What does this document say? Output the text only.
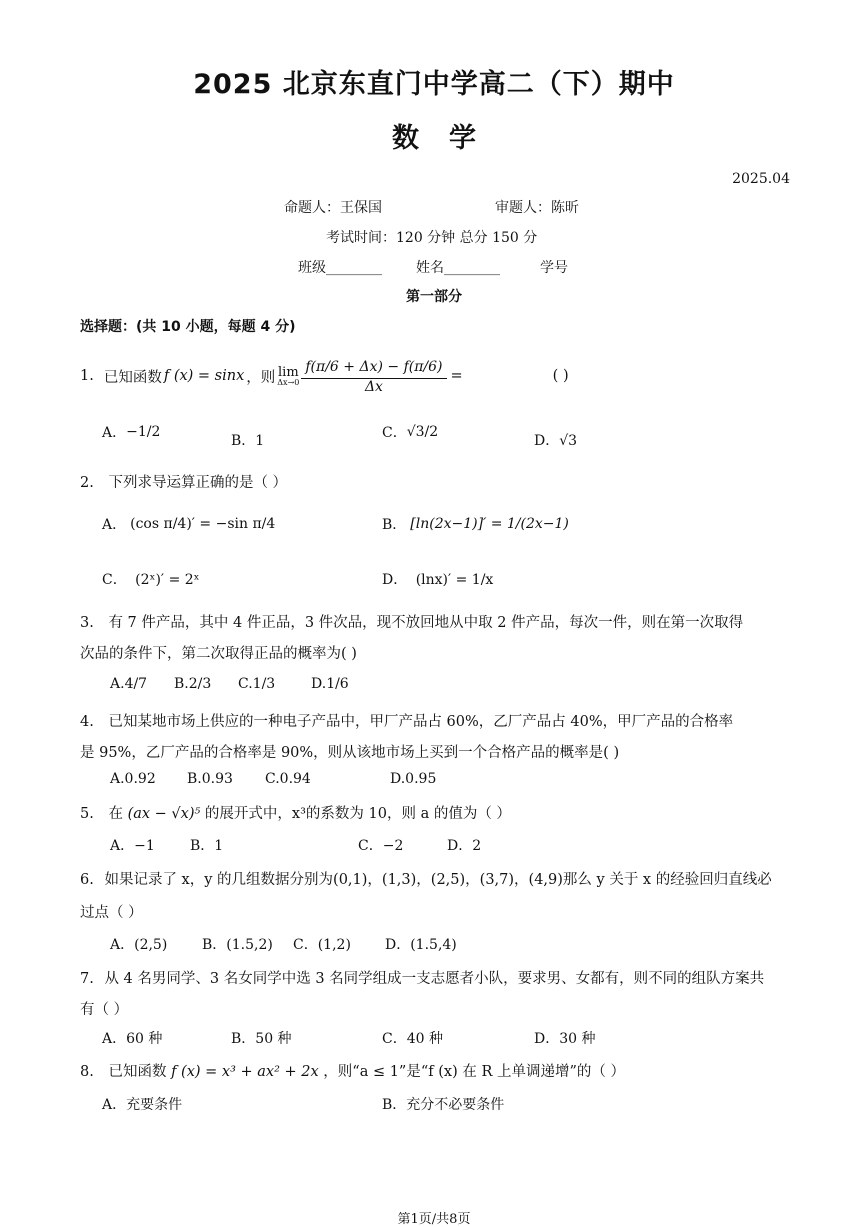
2025 北京东直门中学高二（下）期中
数学
2025.04
命题人：王保国	审题人：陈昕
考试时间：120 分钟 总分 150 分
班级________ 姓名________	学号
第一部分
选择题：(共 10 小题，每题 4 分)
1. 已知函数 f (x) = sinx ，则 lim
$\Delta x\to 0 \frac{f(\pi/6 + \Delta x) - f(\pi/6)}{\Delta x}$ =	( )
A． −1/2
B．1	C． √3/2
D．√3
2. 下列求导运算正确的是（ ）
A． (cos π/4)′ = −sin π/4	B． [ln(2x−1)]′ = 1/(2x−1)
C． (2ˣ)′ = 2ˣ	D． (lnx)′ = 1/x
3. 有 7 件产品，其中 4 件正品，3 件次品，现不放回地从中取 2 件产品，每次一件，则在第一次取得
次品的条件下，第二次取得正品的概率为( )
A. 4/7 B. 2/3 C. 1/3	D. 1/6
4. 已知某地市场上供应的一种电子产品中，甲厂产品占 60%，乙厂产品占 40%，甲厂产品的合格率
是 95%，乙厂产品的合格率是 90%，则从该地市场上买到一个合格产品的概率是( )
A.0.92 B.0.93 C.0.94	D.0.95
5. 在 (ax − √x)⁵ 的展开式中，x³的系数为 10，则 a 的值为（ ）
A．−1	B．1	C．−2	D．2
6. 如果记录了 x，y 的几组数据分别为(0,1)，(1,3)，(2,5)，(3,7)，(4,9)那么 y 关于 x 的经验回归直线必
过点（ ）
A．(2,5) B．(1.5,2) C．(1,2) D．(1.5,4)
7. 从 4 名男同学、3 名女同学中选 3 名同学组成一支志愿者小队，要求男、女都有，则不同的组队方案共
有（ ）
A．60 种	B．50 种	C．40 种	D．30 种
8. 已知函数 f (x) = x³ + ax² + 2x ，则“a ≤ 1”是“f (x) 在 R 上单调递增”的（ ）
A．充要条件	B．充分不必要条件
第1页/共8页
